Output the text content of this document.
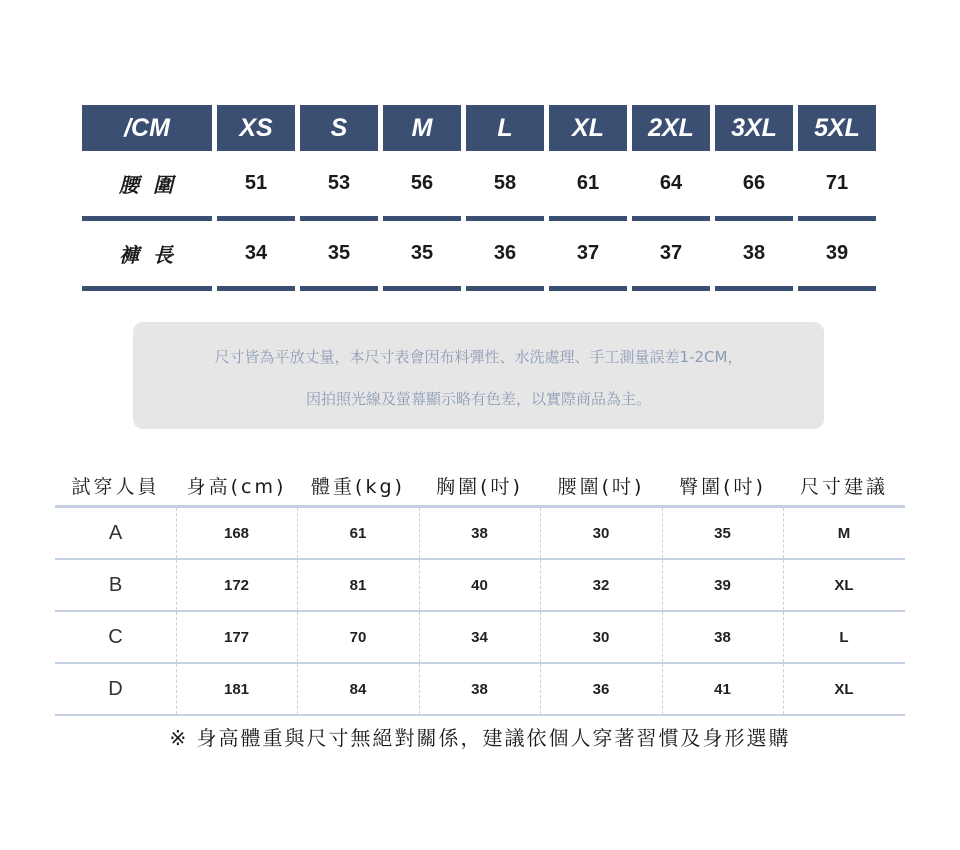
/CM	XS	S	M	L	XL	2XL	3XL	5XL
腰圍	51	53	56	58	61	64	66	71
褲長	34	35	35	36	37	37	38	39
尺寸皆為平放丈量，本尺寸表會因布料彈性、水洗處理、手工測量誤差1-2CM，
因拍照光線及螢幕顯示略有色差，以實際商品為主。
試穿人員	身高(cm)	體重(kg)	胸圍(吋)	腰圍(吋)	臀圍(吋)	尺寸建議
A	168	61	38	30	35	M
B	172	81	40	32	39	XL
C	177	70	34	30	38	L
D	181	84	38	36	41	XL
※ 身高體重與尺寸無絕對關係，建議依個人穿著習慣及身形選購
